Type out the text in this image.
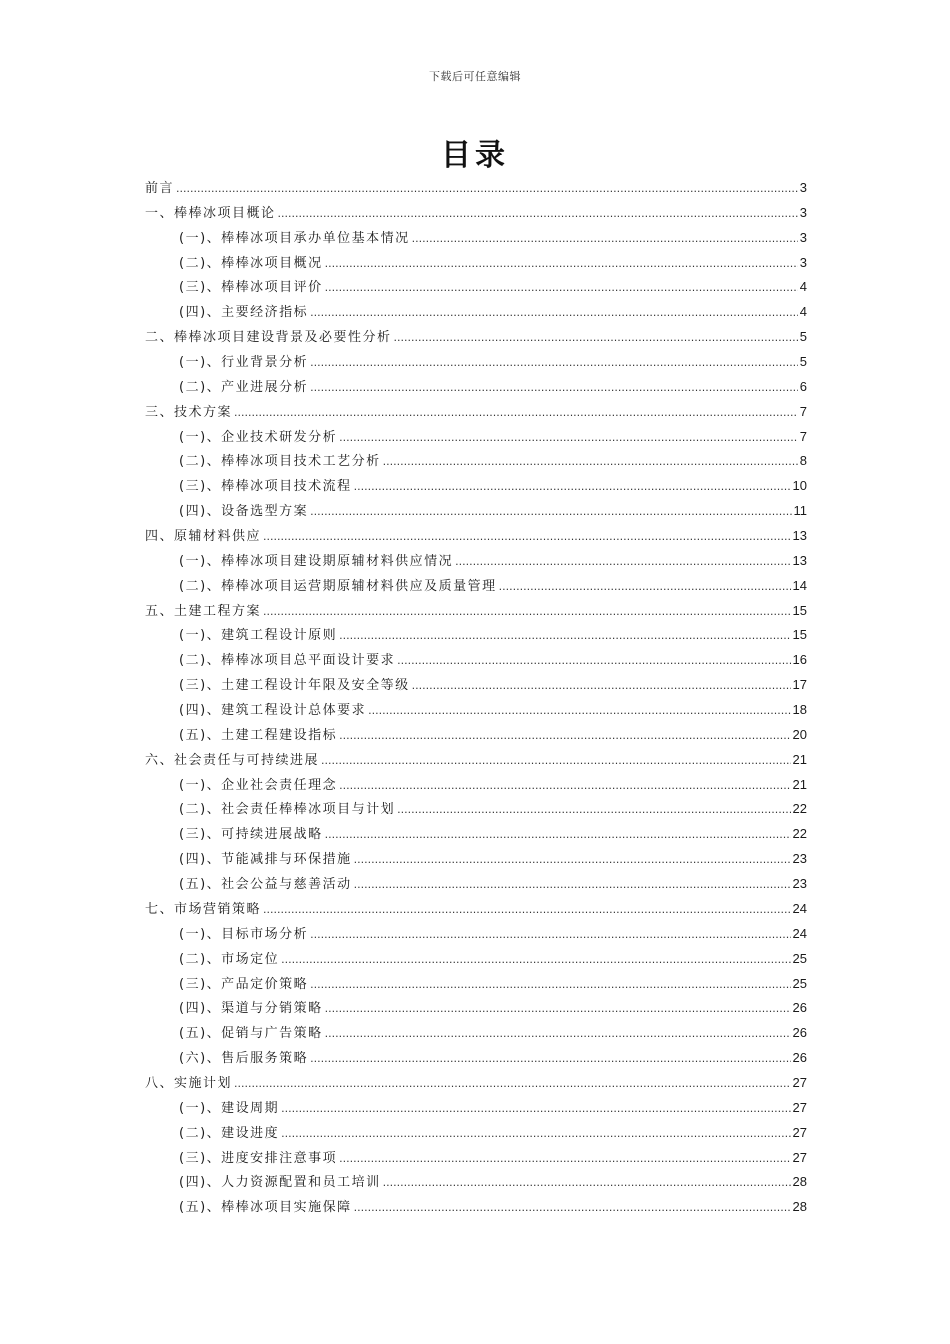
下载后可任意编辑
目录
前言 .....	3
一、棒棒冰项目概论 .....	3
(一)、棒棒冰项目承办单位基本情况 .....	3
(二)、棒棒冰项目概况 .....	3
(三)、棒棒冰项目评价 .....	4
(四)、主要经济指标 .....	4
二、棒棒冰项目建设背景及必要性分析 .....	5
(一)、行业背景分析 .....	5
(二)、产业进展分析 .....	6
三、技术方案 .....	7
(一)、企业技术研发分析 .....	7
(二)、棒棒冰项目技术工艺分析 .....	8
(三)、棒棒冰项目技术流程 .....	10
(四)、设备选型方案 .....	11
四、原辅材料供应 .....	13
(一)、棒棒冰项目建设期原辅材料供应情况 .....	13
(二)、棒棒冰项目运营期原辅材料供应及质量管理 .....	14
五、土建工程方案 .....	15
(一)、建筑工程设计原则 .....	15
(二)、棒棒冰项目总平面设计要求 .....	16
(三)、土建工程设计年限及安全等级 .....	17
(四)、建筑工程设计总体要求 .....	18
(五)、土建工程建设指标 .....	20
六、社会责任与可持续进展 .....	21
(一)、企业社会责任理念 .....	21
(二)、社会责任棒棒冰项目与计划 .....	22
(三)、可持续进展战略 .....	22
(四)、节能减排与环保措施 .....	23
(五)、社会公益与慈善活动 .....	23
七、市场营销策略 .....	24
(一)、目标市场分析 .....	24
(二)、市场定位 .....	25
(三)、产品定价策略 .....	25
(四)、渠道与分销策略 .....	26
(五)、促销与广告策略 .....	26
(六)、售后服务策略 .....	26
八、实施计划 .....	27
(一)、建设周期 .....	27
(二)、建设进度 .....	27
(三)、进度安排注意事项 .....	27
(四)、人力资源配置和员工培训 .....	28
(五)、棒棒冰项目实施保障 .....	28
